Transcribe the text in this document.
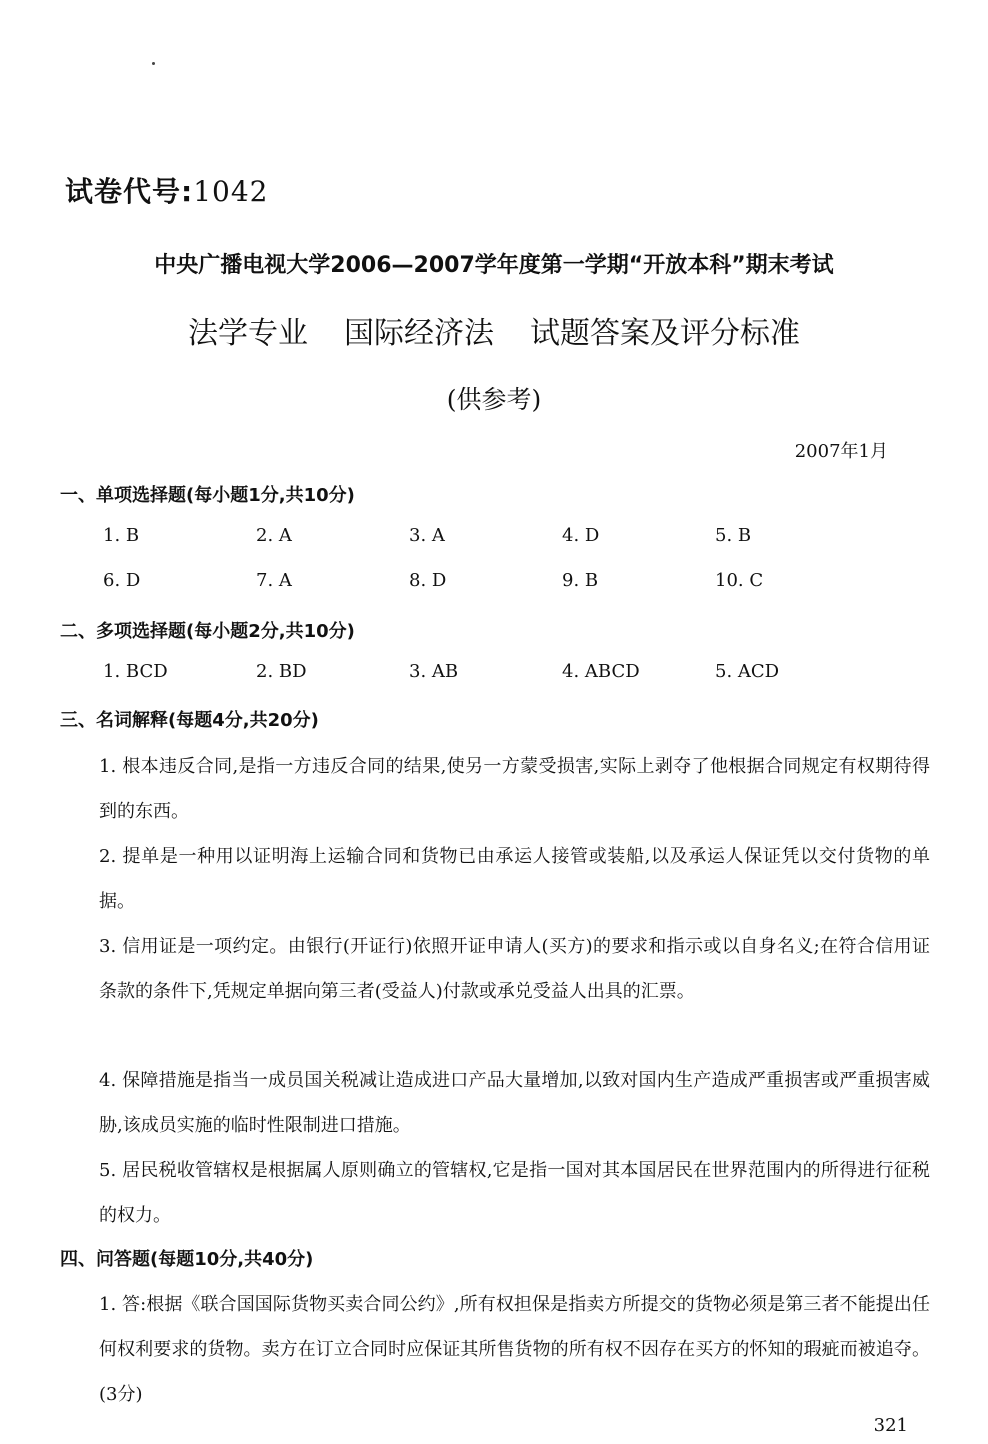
试卷代号:1042
中央广播电视大学2006—2007学年度第一学期“开放本科”期末考试
法学专业 国际经济法 试题答案及评分标准
(供参考)
2007年1月
一、单项选择题(每小题1分,共10分)
1. B	2. A	3. A	4. D	5. B
6. D	7. A	8. D	9. B	10. C
二、多项选择题(每小题2分,共10分)
1. BCD	2. BD	3. AB	4. ABCD	5. ACD
三、名词解释(每题4分,共20分)
1. 根本违反合同,是指一方违反合同的结果,使另一方蒙受损害,实际上剥夺了他根据合同规定有权期待得到的东西。
2. 提单是一种用以证明海上运输合同和货物已由承运人接管或装船,以及承运人保证凭以交付货物的单据。
3. 信用证是一项约定。由银行(开证行)依照开证申请人(买方)的要求和指示或以自身名义;在符合信用证条款的条件下,凭规定单据向第三者(受益人)付款或承兑受益人出具的汇票。
4. 保障措施是指当一成员国关税减让造成进口产品大量增加,以致对国内生产造成严重损害或严重损害威胁,该成员实施的临时性限制进口措施。
5. 居民税收管辖权是根据属人原则确立的管辖权,它是指一国对其本国居民在世界范围内的所得进行征税的权力。
四、问答题(每题10分,共40分)
1. 答:根据《联合国国际货物买卖合同公约》,所有权担保是指卖方所提交的货物必须是第三者不能提出任何权利要求的货物。卖方在订立合同时应保证其所售货物的所有权不因存在买方的怀知的瑕疵而被追夺。(3分)
321
